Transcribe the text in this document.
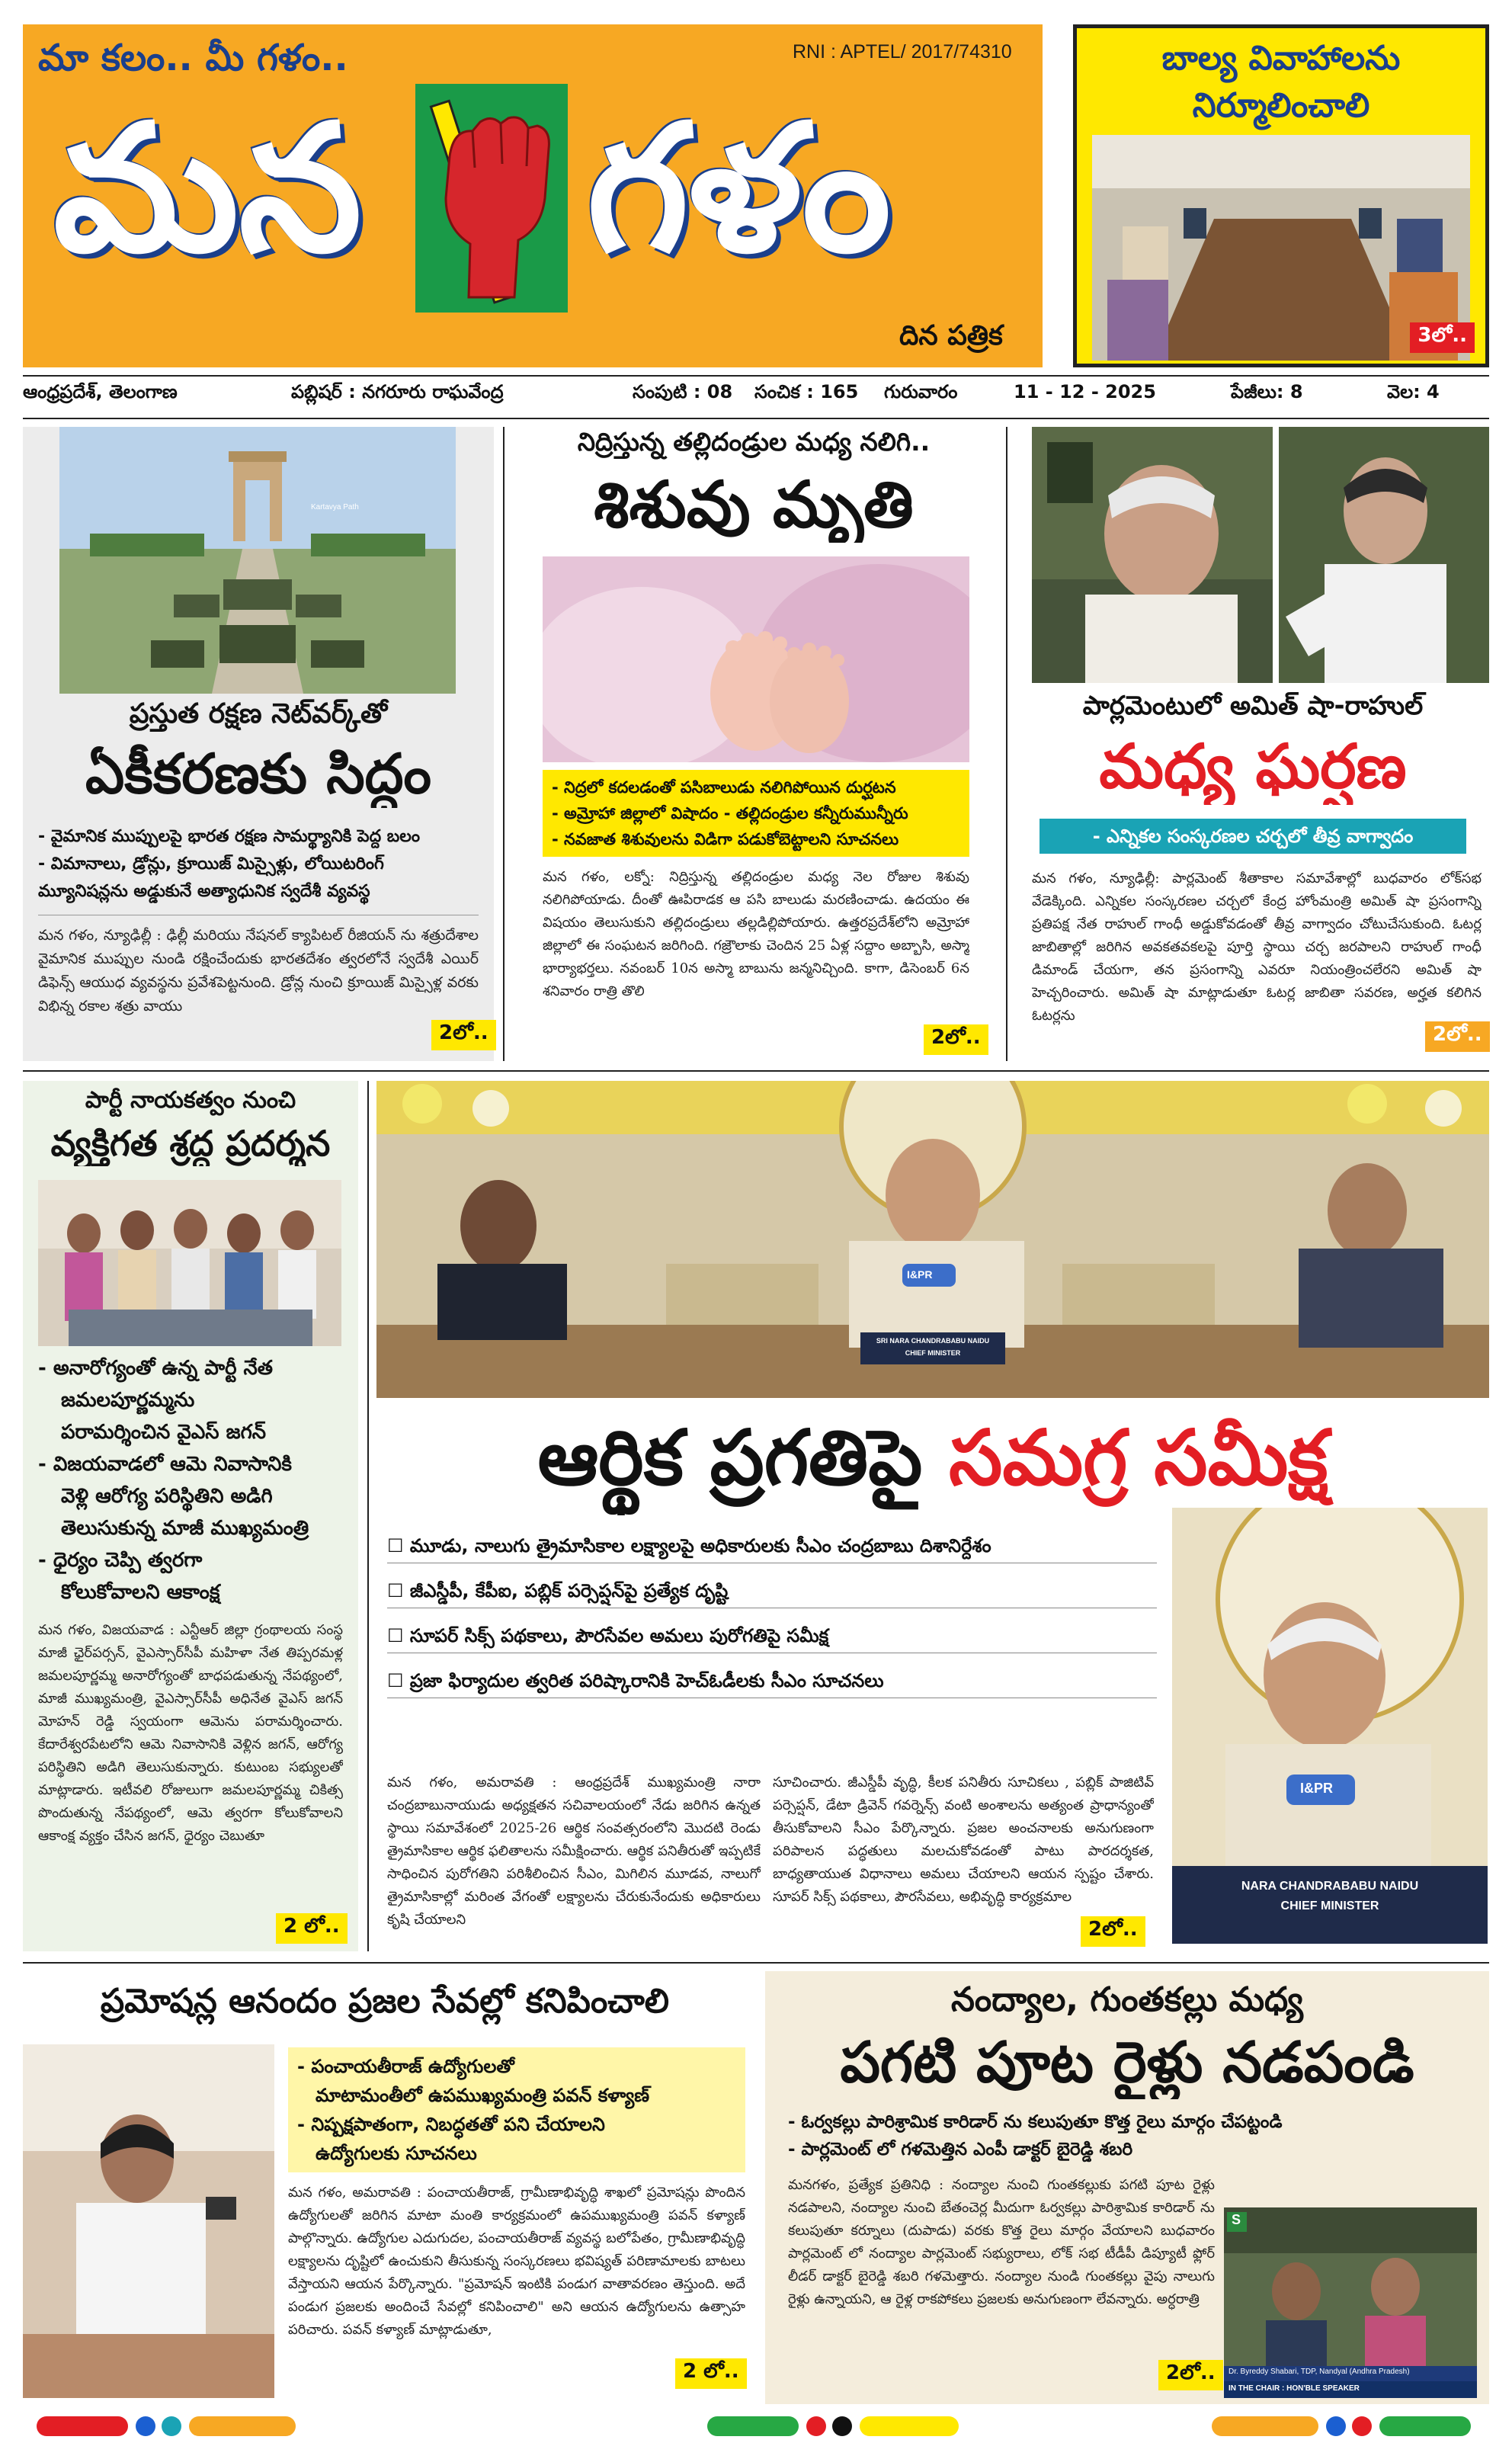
మా కలం.. మీ గళం..	RNI : APTEL/ 2017/74310
మన గళం
దిన పత్రిక
బాల్య వివాహాలను
నిర్మూలించాలి
3లో..
ఆంధ్రప్రదేశ్, తెలంగాణ	పబ్లిషర్ : నగరూరు రాఘవేంద్ర	సంపుటి : 08 సంచిక : 165 గురువారం	11 - 12 - 2025	పేజీలు: 8	వెల: 4
Kartavya Path
ప్రస్తుత రక్షణ నెట్‌వర్క్‌తో
ఏకీకరణకు సిద్ధం
- వైమానిక ముప్పులపై భారత రక్షణ సామర్థ్యానికి పెద్ద బలం
- విమానాలు, డ్రోన్లు, క్రూయిజ్ మిస్సైళ్లు, లోయిటరింగ్
మ్యూనిషన్లను అడ్డుకునే అత్యాధునిక స్వదేశీ వ్యవస్థ
మన గళం, న్యూఢిల్లీ : ఢిల్లీ మరియు నేషనల్ క్యాపిటల్ రీజియన్ ను శత్రుదేశాల వైమానిక ముప్పుల నుండి రక్షించేందుకు భారతదేశం త్వరలోనే స్వదేశీ ఎయిర్ డిఫెన్స్ ఆయుధ వ్యవస్థను ప్రవేశపెట్టనుంది. డ్రోన్ల నుంచి క్రూయిజ్ మిస్సైళ్ల వరకు విభిన్న రకాల శత్రు వాయు
2లో..
నిద్రిస్తున్న తల్లిదండ్రుల మధ్య నలిగి..
శిశువు మృతి
- నిద్రలో కదలడంతో పసిబాలుడు నలిగిపోయిన దుర్ఘటన
- అమ్రోహా జిల్లాలో విషాదం - తల్లిదండ్రుల కన్నీరుమున్నీరు
- నవజాత శిశువులను విడిగా పడుకోబెట్టాలని సూచనలు
మన గళం, లక్నో: నిద్రిస్తున్న తల్లిదండ్రుల మధ్య నెల రోజుల శిశువు నలిగిపోయాడు. దీంతో ఊపిరాడక ఆ పసి బాలుడు మరణించాడు. ఉదయం ఈ విషయం తెలుసుకుని తల్లిదండ్రులు తల్లడిల్లిపోయారు. ఉత్తరప్రదేశ్‌లోని అమ్రోహా జిల్లాలో ఈ సంఘటన జరిగింది. గజ్రౌలాకు చెందిన 25 ఏళ్ల సద్దాం అబ్బాసి, అస్మా భార్యాభర్తలు. నవంబర్ 10న అస్మా బాబును జన్మనిచ్చింది. కాగా, డిసెంబర్ 6న శనివారం రాత్రి తొలి
2లో..
పార్లమెంటులో అమిత్ షా-రాహుల్
మధ్య ఘర్షణ
- ఎన్నికల సంస్కరణల చర్చలో తీవ్ర వాగ్వాదం
మన గళం, న్యూఢిల్లీ: పార్లమెంట్ శీతాకాల సమావేశాల్లో బుధవారం లోక్‌సభ వేడెక్కింది. ఎన్నికల సంస్కరణల చర్చలో కేంద్ర హోంమంత్రి అమిత్ షా ప్రసంగాన్ని ప్రతిపక్ష నేత రాహుల్ గాంధీ అడ్డుకోవడంతో తీవ్ర వాగ్వాదం చోటుచేసుకుంది. ఓటర్ల జాబితాల్లో జరిగిన అవకతవకలపై పూర్తి స్థాయి చర్చ జరపాలని రాహుల్ గాంధీ డిమాండ్ చేయగా, తన ప్రసంగాన్ని ఎవరూ నియంత్రించలేరని అమిత్ షా హెచ్చరించారు. అమిత్ షా మాట్లాడుతూ ఓటర్ల జాబితా సవరణ, అర్హత కలిగిన ఓటర్లను
2లో..
పార్టీ నాయకత్వం నుంచి
వ్యక్తిగత శ్రద్ధ ప్రదర్శన
- అనారోగ్యంతో ఉన్న పార్టీ నేత
జమలపూర్ణమ్మను
పరామర్శించిన వైఎస్ జగన్
- విజయవాడలో ఆమె నివాసానికి
వెళ్లి ఆరోగ్య పరిస్థితిని అడిగి
తెలుసుకున్న మాజీ ముఖ్యమంత్రి
- ధైర్యం చెప్పి త్వరగా
కోలుకోవాలని ఆకాంక్ష
మన గళం, విజయవాడ : ఎన్టీఆర్ జిల్లా గ్రంథాలయ సంస్థ మాజీ ఛైర్‌పర్సన్, వైఎస్సార్‌సీపీ మహిళా నేత తిప్పరమళ్ల జమలపూర్ణమ్మ అనారోగ్యంతో బాధపడుతున్న నేపథ్యంలో, మాజీ ముఖ్యమంత్రి, వైఎస్సార్‌సీపీ అధినేత వైఎస్ జగన్ మోహన్ రెడ్డి స్వయంగా ఆమెను పరామర్శించారు. కేదారేశ్వరపేటలోని ఆమె నివాసానికి వెళ్లిన జగన్, ఆరోగ్య పరిస్థితిని అడిగి తెలుసుకున్నారు. కుటుంబ సభ్యులతో మాట్లాడారు. ఇటీవలి రోజులుగా జమలపూర్ణమ్మ చికిత్స పొందుతున్న నేపథ్యంలో, ఆమె త్వరగా కోలుకోవాలని ఆకాంక్ష వ్యక్తం చేసిన జగన్, ధైర్యం చెబుతూ
2 లో..
SRI NARA CHANDRABABU NAIDU
CHIEF MINISTER
I&PR
ఆర్థిక ప్రగతిపై సమగ్ర సమీక్ష
☐ మూడు, నాలుగు త్రైమాసికాల లక్ష్యాలపై అధికారులకు సీఎం చంద్రబాబు దిశానిర్దేశం
☐ జీఎస్డీపీ, కేపీఐ, పబ్లిక్ పర్సెప్షన్‌పై ప్రత్యేక దృష్టి
☐ సూపర్ సిక్స్ పథకాలు, పౌరసేవల అమలు పురోగతిపై సమీక్ష
☐ ప్రజా ఫిర్యాదుల త్వరిత పరిష్కారానికి హెచ్ఓడీలకు సీఎం సూచనలు
మన గళం, అమరావతి : ఆంధ్రప్రదేశ్ ముఖ్యమంత్రి నారా చంద్రబాబునాయుడు అధ్యక్షతన సచివాలయంలో నేడు జరిగిన ఉన్నత స్థాయి సమావేశంలో 2025-26 ఆర్థిక సంవత్సరంలోని మొదటి రెండు త్రైమాసికాల ఆర్థిక ఫలితాలను సమీక్షించారు. ఆర్థిక పనితీరుతో ఇప్పటికే సాధించిన పురోగతిని పరిశీలించిన సీఎం, మిగిలిన మూడవ, నాలుగో త్రైమాసికాల్లో మరింత వేగంతో లక్ష్యాలను చేరుకునేందుకు అధికారులు కృషి చేయాలని
సూచించారు. జీఎస్డీపీ వృద్ధి, కీలక పనితీరు సూచికలు , పబ్లిక్ పాజిటివ్ పర్సెప్షన్, డేటా డ్రివెన్ గవర్నెన్స్ వంటి అంశాలను అత్యంత ప్రాధాన్యంతో తీసుకోవాలని సీఎం పేర్కొన్నారు. ప్రజల అంచనాలకు అనుగుణంగా పరిపాలన పద్ధతులు మలచుకోవడంతో పాటు పారదర్శకత, బాధ్యతాయుత విధానాలు అమలు చేయాలని ఆయన స్పష్టం చేశారు. సూపర్ సిక్స్ పథకాలు, పౌరసేవలు, అభివృద్ధి కార్యక్రమాల
2లో..
I&PR
NARA CHANDRABABU NAIDU
CHIEF MINISTER
ప్రమోషన్ల ఆనందం ప్రజల సేవల్లో కనిపించాలి
- పంచాయతీరాజ్ ఉద్యోగులతో
మాటామంతీలో ఉపముఖ్యమంత్రి పవన్ కళ్యాణ్
- నిష్పక్షపాతంగా, నిబద్ధతతో పని చేయాలని
ఉద్యోగులకు సూచనలు
మన గళం, అమరావతి : పంచాయతీరాజ్, గ్రామీణాభివృద్ధి శాఖలో ప్రమోషన్లు పొందిన ఉద్యోగులతో జరిగిన మాటా మంతి కార్యక్రమంలో ఉపముఖ్యమంత్రి పవన్ కళ్యాణ్ పాల్గొన్నారు. ఉద్యోగుల ఎదుగుదల, పంచాయతీరాజ్ వ్యవస్థ బలోపేతం, గ్రామీణాభివృద్ధి లక్ష్యాలను దృష్టిలో ఉంచుకుని తీసుకున్న సంస్కరణలు భవిష్యత్ పరిణామాలకు బాటలు వేస్తాయని ఆయన పేర్కొన్నారు. "ప్రమోషన్ ఇంటికి పండుగ వాతావరణం తెస్తుంది. అదే పండుగ ప్రజలకు అందించే సేవల్లో కనిపించాలి" అని ఆయన ఉద్యోగులను ఉత్సాహ పరిచారు. పవన్ కళ్యాణ్ మాట్లాడుతూ,
2 లో..
నంద్యాల, గుంతకల్లు మధ్య
పగటి పూట రైళ్లు నడపండి
- ఓర్వకల్లు పారిశ్రామిక కారిడార్ ను కలుపుతూ కొత్త రైలు మార్గం చేపట్టండి
- పార్లమెంట్ లో గళమెత్తిన ఎంపీ డాక్టర్ బైరెడ్డి శబరి
మనగళం, ప్రత్యేక ప్రతినిధి : నంద్యాల నుంచి గుంతకల్లుకు పగటి పూట రైళ్లు నడపాలని, నంద్యాల నుంచి బేతంచెర్ల మీదుగా ఓర్వకల్లు పారిశ్రామిక కారిడార్ ను కలుపుతూ కర్నూలు (దుపాడు) వరకు కొత్త రైలు మార్గం వేయాలని బుధవారం పార్లమెంట్ లో నంద్యాల పార్లమెంట్ సభ్యురాలు, లోక్ సభ టీడీపీ డిప్యూటీ ఫ్లోర్ లీడర్ డాక్టర్ బైరెడ్డి శబరి గళమెత్తారు. నంద్యాల నుండి గుంతకల్లు వైపు నాలుగు రైళ్లు ఉన్నాయని, ఆ రైళ్ల రాకపోకలు ప్రజలకు అనుగుణంగా లేవన్నారు. అర్ధరాత్రి
2లో..
S
Dr. Byreddy Shabari, TDP, Nandyal (Andhra Pradesh)
IN THE CHAIR : HON'BLE SPEAKER
